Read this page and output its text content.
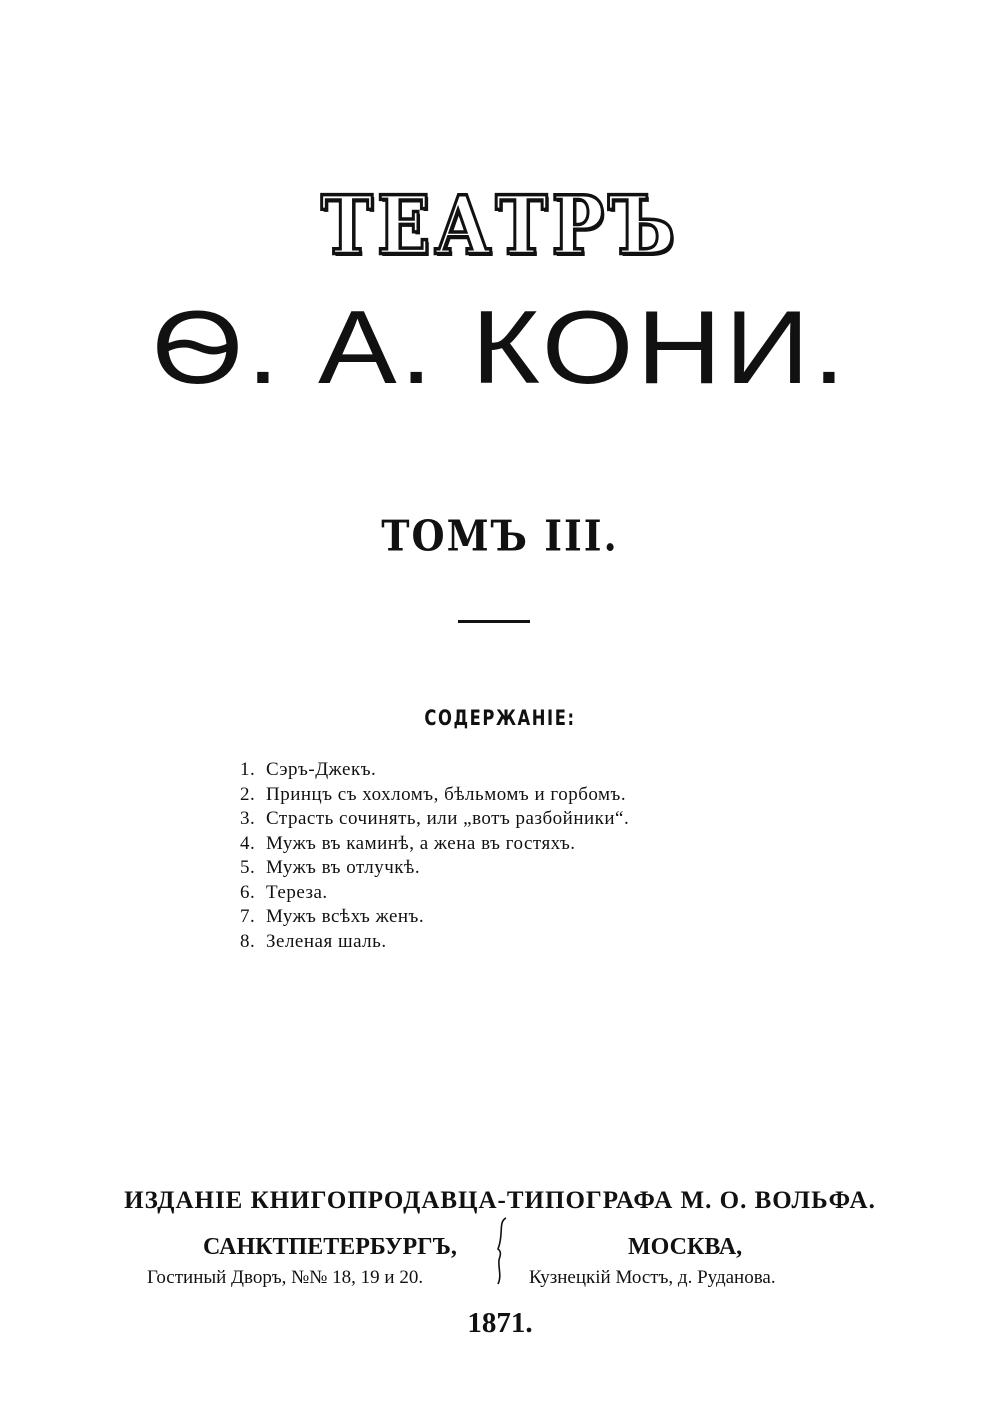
ТЕАТРЪ
Ѳ. А. КОНИ.
ТОМЪ III.
СОДЕРЖАНІЕ:
1. Сэръ-Джекъ.
2. Принцъ съ хохломъ, бѣльмомъ и горбомъ.
3. Страсть сочинять, или „вотъ разбойники“.
4. Мужъ въ каминѣ, а жена въ гостяхъ.
5. Мужъ въ отлучкѣ.
6. Тереза.
7. Мужъ всѣхъ женъ.
8. Зеленая шаль.
ИЗДАНІЕ КНИГОПРОДАВЦА-ТИПОГРАФА М. О. ВОЛЬФА.
САНКТПЕТЕРБУРГЪ,	МОСКВА,
Гостиный Дворъ, №№ 18, 19 и 20.	Кузнецкій Мостъ, д. Руданова.
1871.
